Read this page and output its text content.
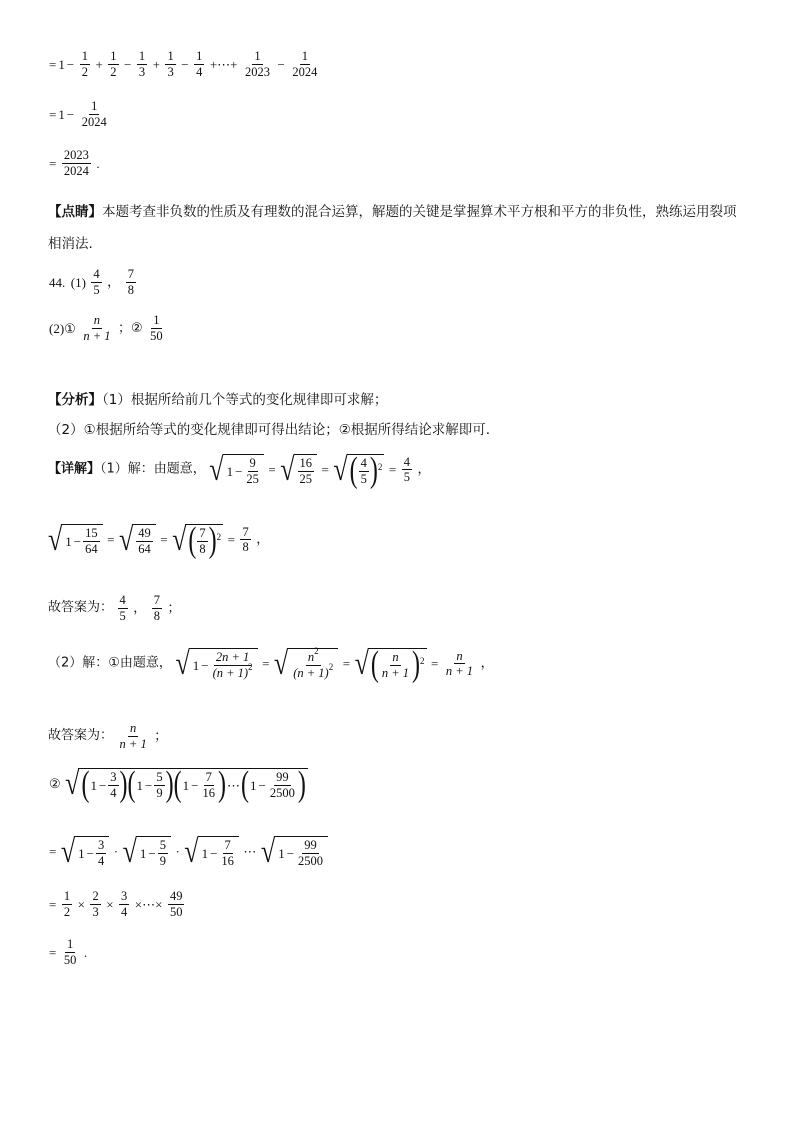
= $1 - \frac{1}{2} + \frac{1}{2} - \frac{1}{3} + \frac{1}{3} - \frac{1}{4}$ +⋯+ $\frac{1}{2023} - \frac{1}{2024}$
= $1 - \frac{1}{2024}$
= $\frac{2023}{2024}$ .
【点睛】本题考查非负数的性质及有理数的混合运算，解题的关键是掌握算术平方根和平方的非负性，熟练运用裂项相消法.
44. $(1) \frac{4}{5}$ ， $\frac{7}{8}$
(2)① $\frac{n}{n + 1}$ ；② $\frac{1}{50}$
【分析】（1）根据所给前几个等式的变化规律即可求解；
（2）①根据所给等式的变化规律即可得出结论；②根据所得结论求解即可.
【详解】（1）解：由题意， √ $1 - \frac{9}{25}$ = √ $\frac{16}{25}$ = √ ( $\frac{4}{5}$ ) $2 = \frac{4}{5}$ ，
√ $1 - \frac{15}{64}$ = √ $\frac{49}{64}$ = √ ( $\frac{7}{8}$ ) $2 = \frac{7}{8}$ ，
故答案为： $\frac{4}{5}$ ， $\frac{7}{8}$ ；
（2）解：①由题意， √ $1 - \frac{2n + 1}{(n + 1)^2}$ = √ $\frac{n^2}{(n + 1)^2}$ = √ ( $\frac{n}{n + 1}$ ) $2 = \frac{n}{n + 1}$ ，
故答案为： $\frac{n}{n + 1}$ ；
② √ ( $1 - \frac{3}{4}$ ) ( $1 - \frac{5}{9}$ ) ( $1 - \frac{7}{16}$ ) ⋯ ( $1 - \frac{99}{2500}$ )
= √ $1 - \frac{3}{4}$ · √ $1 - \frac{5}{9}$ · √ $1 - \frac{7}{16}$ ⋯ √ $1 - \frac{99}{2500}$
= $\frac{1}{2} \times \frac{2}{3} \times \frac{3}{4}$ ×⋯× $\frac{49}{50}$
= $\frac{1}{50}$ .
